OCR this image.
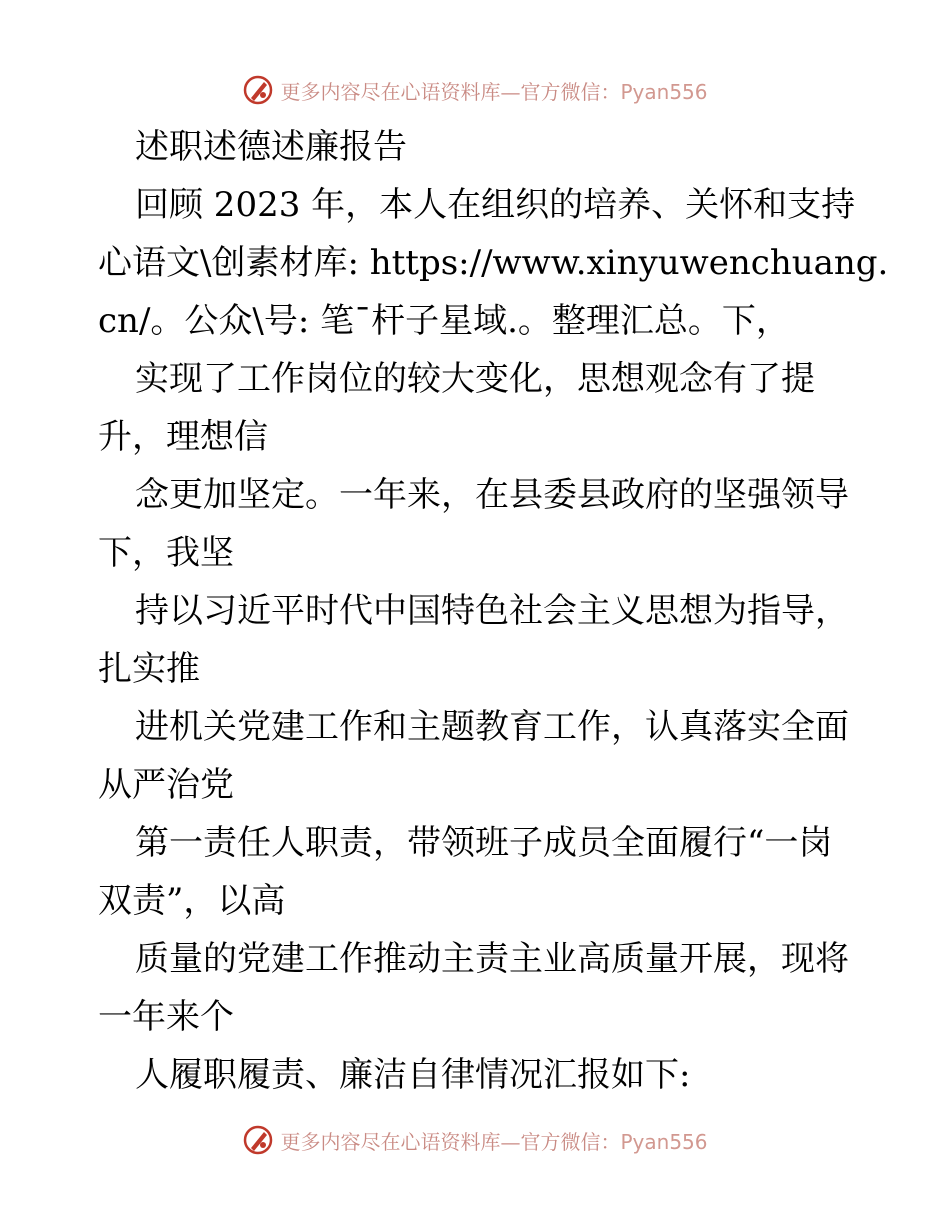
更多内容尽在心语资料库—官方微信：Pyan556
述职述德述廉报告
回顾 2023 年，本人在组织的培养、关怀和支持
心语文\创素材库: https://www.xinyuwenchuang.
cn/。公众\号: 笔¯杆子星域.。整理汇总。下，
实现了工作岗位的较大变化，思想观念有了提
升，理想信
念更加坚定。一年来，在县委县政府的坚强领导
下，我坚
持以习近平时代中国特色社会主义思想为指导，
扎实推
进机关党建工作和主题教育工作，认真落实全面
从严治党
第一责任人职责，带领班子成员全面履行“一岗
双责”，以高
质量的党建工作推动主责主业高质量开展，现将
一年来个
人履职履责、廉洁自律情况汇报如下:
更多内容尽在心语资料库—官方微信：Pyan556
